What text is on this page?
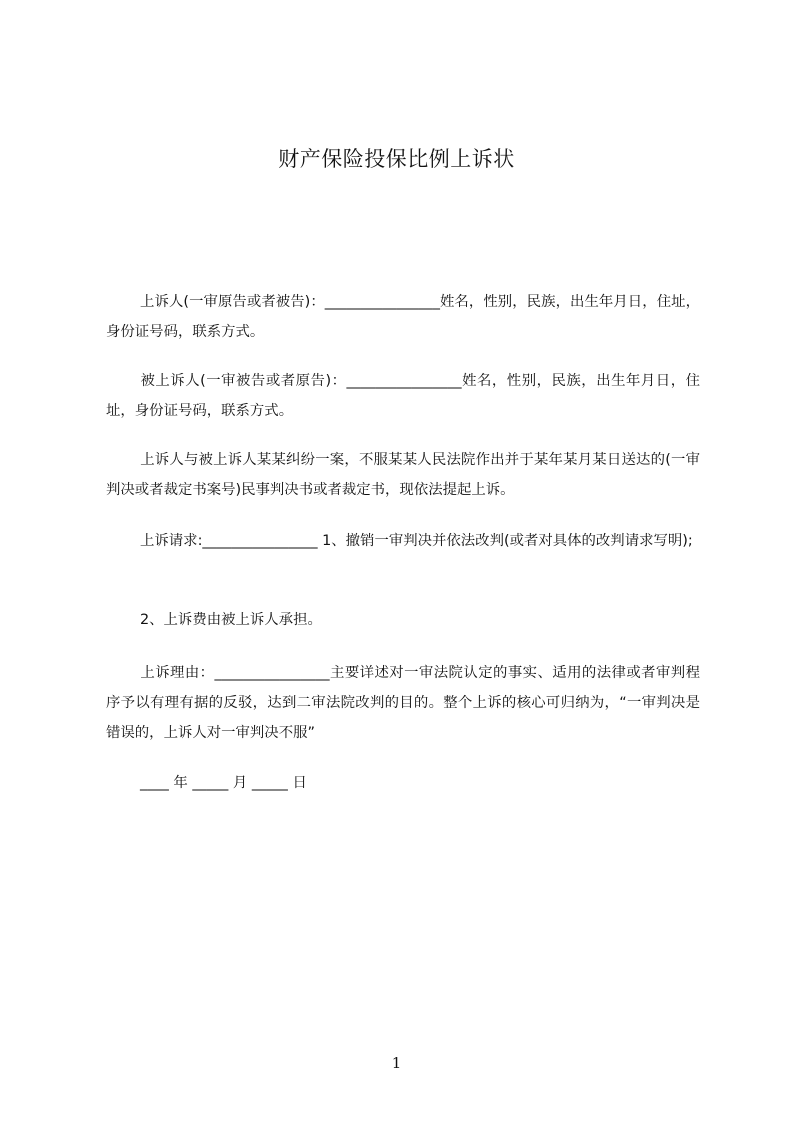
财产保险投保比例上诉状
上诉人(一审原告或者被告)：________________姓名，性别，民族，出生年月日，住址，身份证号码，联系方式。
被上诉人(一审被告或者原告)：________________姓名，性别，民族，出生年月日，住址，身份证号码，联系方式。
上诉人与被上诉人某某纠纷一案，不服某某人民法院作出并于某年某月某日送达的(一审判决或者裁定书案号)民事判决书或者裁定书，现依法提起上诉。
上诉请求:________________ 1、撤销一审判决并依法改判(或者对具体的改判请求写明);
2、上诉费由被上诉人承担。
上诉理由：________________主要详述对一审法院认定的事实、适用的法律或者审判程序予以有理有据的反驳，达到二审法院改判的目的。整个上诉的核心可归纳为，“一审判决是错误的，上诉人对一审判决不服”
____ 年 _____ 月 _____ 日
1
